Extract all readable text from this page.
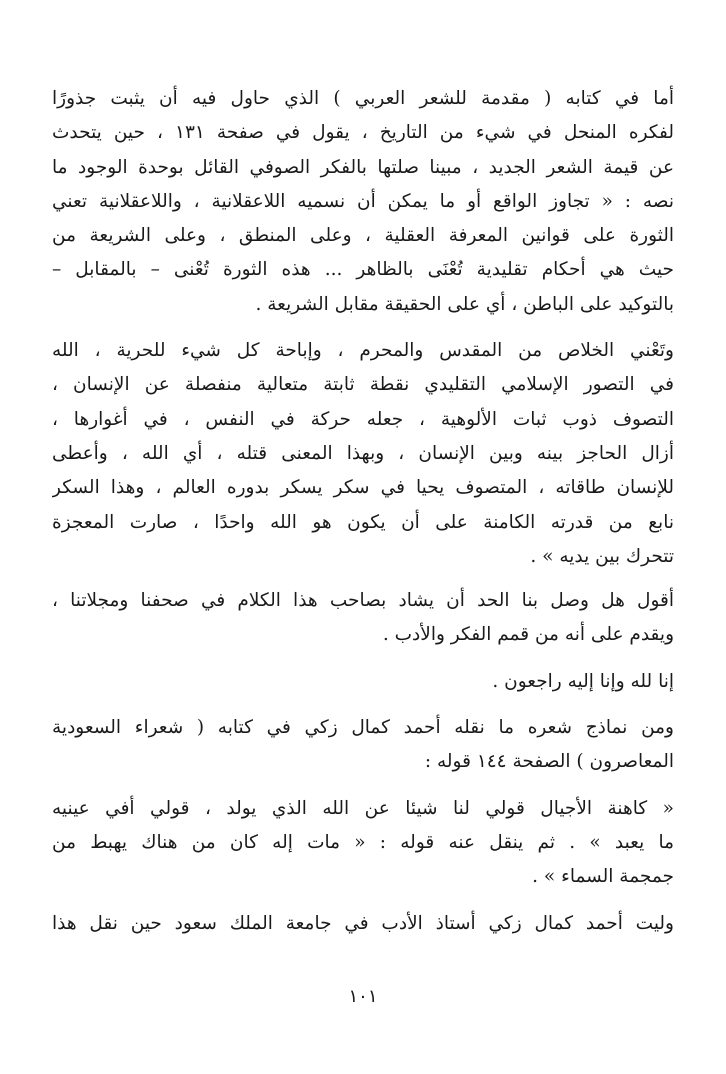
أما في كتابه ( مقدمة للشعر العربي ) الذي حاول فيه أن يثبت جذورًا
لفكره المنحل في شيء من التاريخ ، يقول في صفحة ١٣١ ، حين يتحدث
عن قيمة الشعر الجديد ، مبينا صلتها بالفكر الصوفي القائل بوحدة الوجود ما
نصه : « تجاوز الواقع أو ما يمكن أن نسميه اللاعقلانية ، واللاعقلانية تعني
الثورة على قوانين المعرفة العقلية ، وعلى المنطق ، وعلى الشريعة من
حيث هي أحكام تقليدية تُعْنَى بالظاهر ... هذه الثورة تُعْنى – بالمقابل –
بالتوكيد على الباطن ، أي على الحقيقة مقابل الشريعة .
وتَعْني الخلاص من المقدس والمحرم ، وإباحة كل شيء للحرية ، الله
في التصور الإسلامي التقليدي نقطة ثابتة متعالية منفصلة عن الإنسان ،
التصوف ذوب ثبات الألوهية ، جعله حركة في النفس ، في أغوارها ،
أزال الحاجز بينه وبين الإنسان ، وبهذا المعنى قتله ، أي الله ، وأعطى
للإنسان طاقاته ، المتصوف يحيا في سكر يسكر بدوره العالم ، وهذا السكر
نابع من قدرته الكامنة على أن يكون هو الله واحدًا ، صارت المعجزة
تتحرك بين يديه » .
أقول هل وصل بنا الحد أن يشاد بصاحب هذا الكلام في صحفنا ومجلاتنا ،
ويقدم على أنه من قمم الفكر والأدب .
إنا لله وإنا إليه راجعون .
ومن نماذج شعره ما نقله أحمد كمال زكي في كتابه ( شعراء السعودية
المعاصرون ) الصفحة ١٤٤ قوله :
« كاهنة الأجيال قولي لنا شيئا عن الله الذي يولد ، قولي أفي عينيه
ما يعبد » . ثم ينقل عنه قوله : « مات إله كان من هناك يهبط من
جمجمة السماء » .
وليت أحمد كمال زكي أستاذ الأدب في جامعة الملك سعود حين نقل هذا
١٠١
